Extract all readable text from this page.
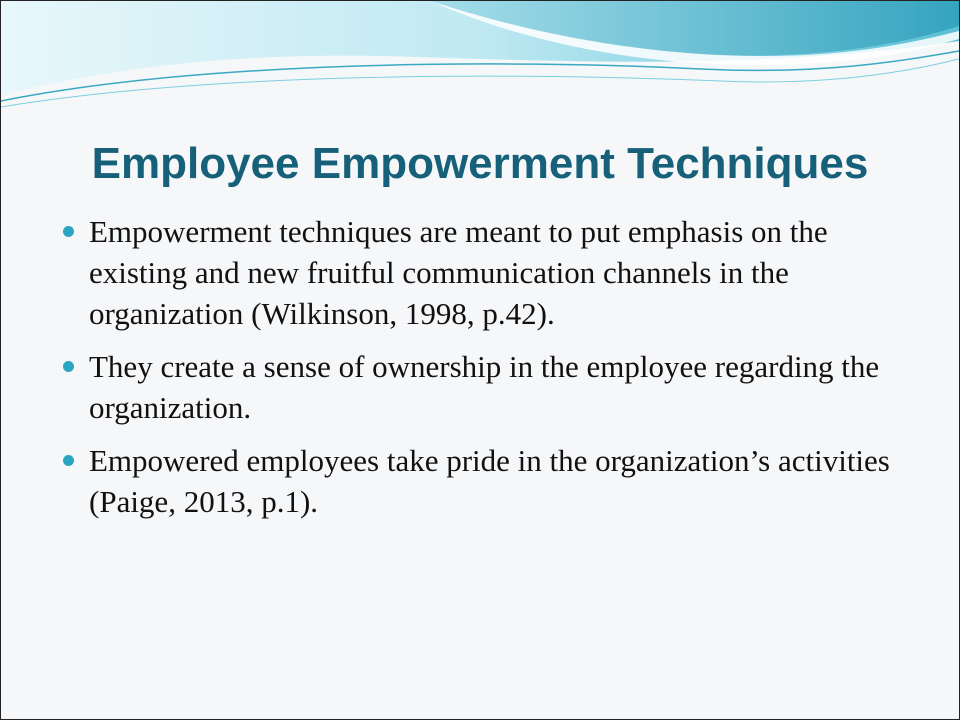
Employee Empowerment Techniques
Empowerment techniques are meant to put emphasis on the existing and new fruitful communication channels in the organization (Wilkinson, 1998, p.42).
They create a sense of ownership in the employee regarding the organization.
Empowered employees take pride in the organization’s activities (Paige, 2013, p.1).
